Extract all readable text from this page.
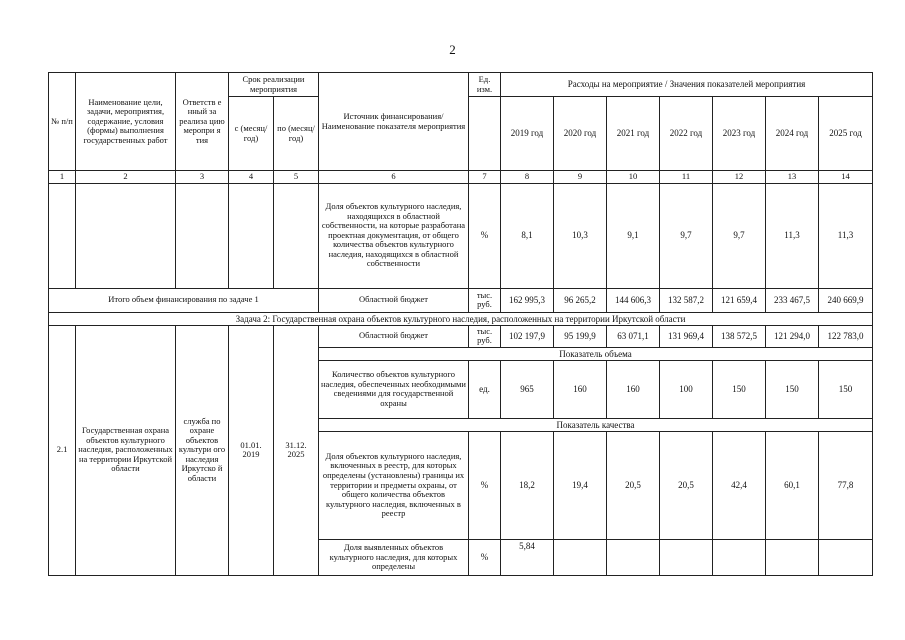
2
№ п/п	Наименование цели, задачи, мероприятия, содержание, условия (формы) выполнения государственных работ	Ответств е нный за реализа цию меропри я тия	Срок реализации мероприятия		Источник финансирования/ Наименование показателя мероприятия	Ед. изм.	Расходы на мероприятие / Значения показателей мероприятия						
			с (месяц/ год)	по (месяц/ год)			2019 год	2020 год	2021 год	2022 год	2023 год	2024 год	2025 год
1	2	3	4	5	6	7	8	9	10	11	12	13	14
					Доля объектов культурного наследия, находящихся в областной собственности, на которые разработана проектная документация, от общего количества объектов культурного наследия, находящихся в областной собственности	%	8,1	10,3	9,1	9,7	9,7	11,3	11,3
Итого объем финансирования по задаче 1					Областной бюджет	тыс. руб.	162 995,3	96 265,2	144 606,3	132 587,2	121 659,4	233 467,5	240 669,9
Задача 2: Государственная охрана объектов культурного наследия, расположенных на территории Иркутской области													
2.1	Государственная охрана объектов культурного наследия, расположенных на территории Иркутской области	служба по охране объектов культури ого наследия Иркутско й области	01.01. 2019	31.12. 2025	Областной бюджет	тыс. руб.	102 197,9	95 199,9	63 071,1	131 969,4	138 572,5	121 294,0	122 783,0
					Показатель объема								
					Количество объектов культурного наследия, обеспеченных необходимыми сведениями для государственной охраны	ед.	965	160	160	100	150	150	150
					Показатель качества								
					Доля объектов культурного наследия, включенных в реестр, для которых определены (установлены) границы их территории и предметы охраны, от общего количества объектов культурного наследия, включенных в реестр	%	18,2	19,4	20,5	20,5	42,4	60,1	77,8
					Доля выявленных объектов культурного наследия, для которых определены	%	5,84						
